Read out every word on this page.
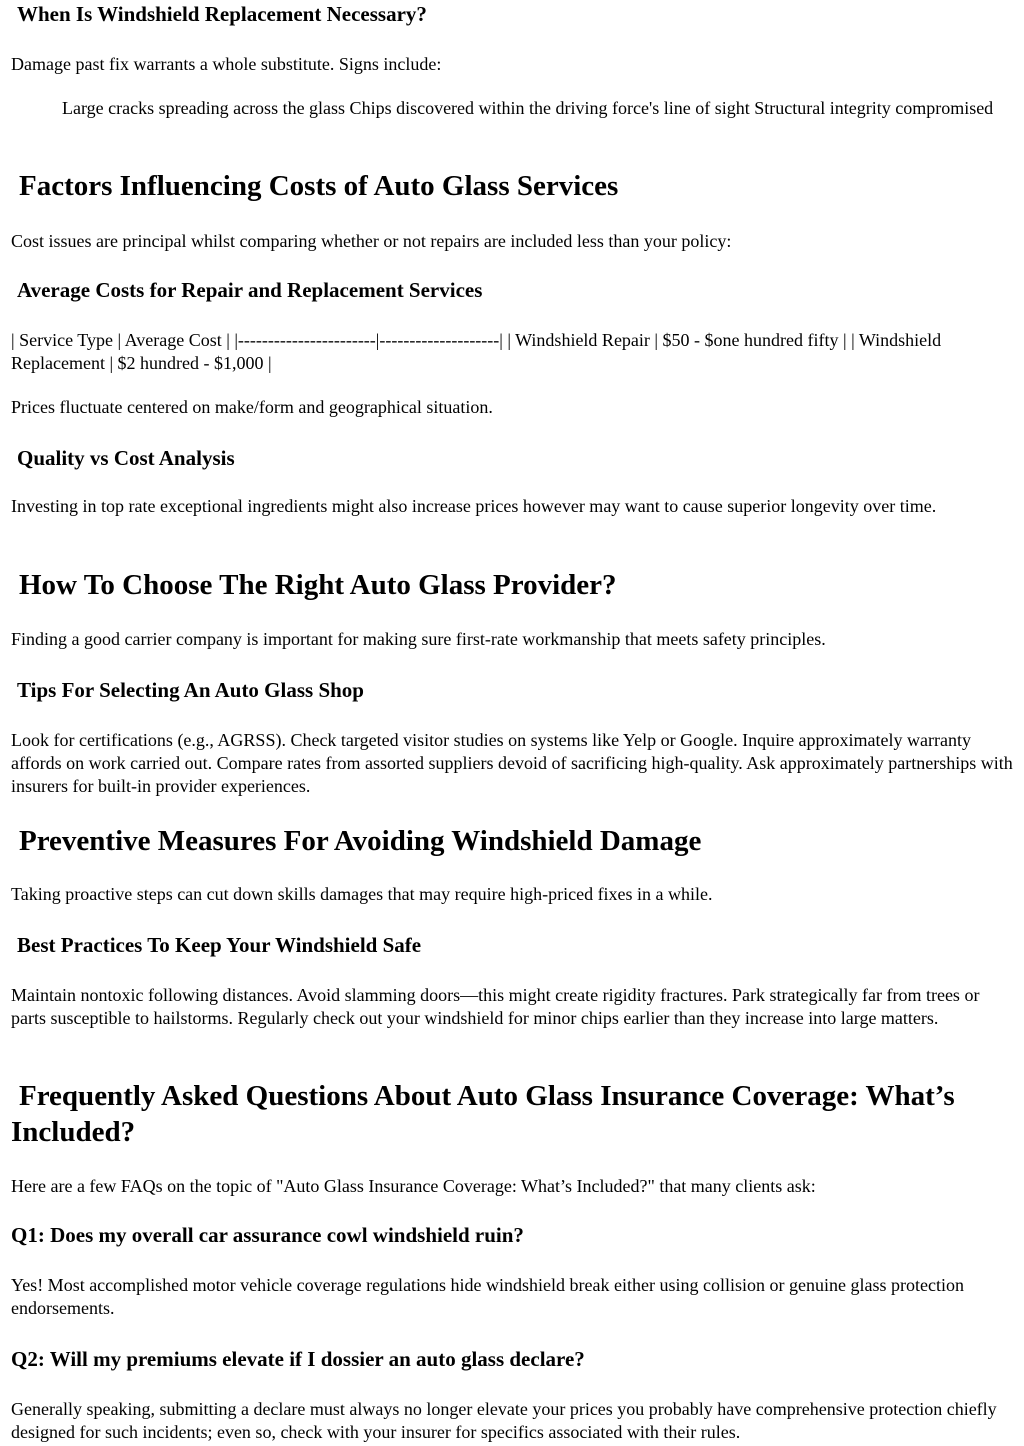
When Is Windshield Replacement Necessary?

Damage past fix warrants a whole substitute. Signs include:

Large cracks spreading across the glass Chips discovered within the driving force's line of sight Structural integrity compromised

Factors Influencing Costs of Auto Glass Services

Cost issues are principal whilst comparing whether or not repairs are included less than your policy:

Average Costs for Repair and Replacement Services

| Service Type | Average Cost | |-----------------------|--------------------| | Windshield Repair | $50 - $one hundred fifty | | Windshield Replacement | $2 hundred - $1,000 |

Prices fluctuate centered on make/form and geographical situation.

Quality vs Cost Analysis

Investing in top rate exceptional ingredients might also increase prices however may want to cause superior longevity over time.

How To Choose The Right Auto Glass Provider?

Finding a good carrier company is important for making sure first-rate workmanship that meets safety principles.

Tips For Selecting An Auto Glass Shop

Look for certifications (e.g., AGRSS). Check targeted visitor studies on systems like Yelp or Google. Inquire approximately warranty affords on work carried out. Compare rates from assorted suppliers devoid of sacrificing high-quality. Ask approximately partnerships with insurers for built-in provider experiences.

Preventive Measures For Avoiding Windshield Damage

Taking proactive steps can cut down skills damages that may require high-priced fixes in a while.

Best Practices To Keep Your Windshield Safe

Maintain nontoxic following distances. Avoid slamming doors—this might create rigidity fractures. Park strategically far from trees or parts susceptible to hailstorms. Regularly check out your windshield for minor chips earlier than they increase into large matters.

Frequently Asked Questions About Auto Glass Insurance Coverage: What’s Included?

Here are a few FAQs on the topic of "Auto Glass Insurance Coverage: What’s Included?" that many clients ask:

Q1: Does my overall car assurance cowl windshield ruin?

Yes! Most accomplished motor vehicle coverage regulations hide windshield break either using collision or genuine glass protection endorsements.

Q2: Will my premiums elevate if I dossier an auto glass declare?

Generally speaking, submitting a declare must always no longer elevate your prices you probably have comprehensive protection chiefly designed for such incidents; even so, check with your insurer for specifics associated with their rules.
